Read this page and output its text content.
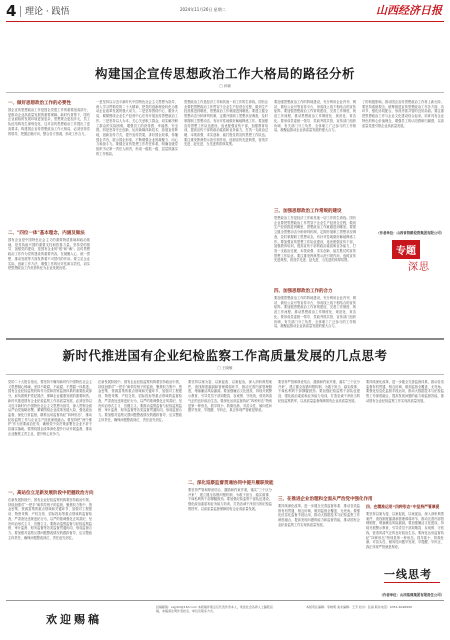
4 理论 · 践悟	2024年11月26日 星期二	山西经济日报
构建国企宣传思想政治工作大格局的路径分析
□ 孙颖
一、做好思想政治工作的必要性
国企宣传思想政治工作是国企党建工作的重要组成部分，是推动企业高质量发展的重要保障。新时代背景下，国有企业面临的发展环境更加复杂，思想观念更加多元，员工队伍结构发生深刻变化，这对宣传思想政治工作提出了更高要求。构建国企宣传思想政治工作大格局，必须坚持党的领导，把握正确方向，整合各方资源，形成工作合力。
二、"四位一体"基本理念，内涵及做法
国有企业是中国特色社会主义的重要物质基础和政治基础，是党执政兴国的重要支柱和依靠力量。坚持党的领导、加强党的建设，是国有企业的"根"和"魂"。宣传思想政治工作作为党的建设的重要内容，在凝聚人心、统一思想、推动发展等方面发挥着不可替代的作用。要立足企业实际，创新工作方法，增强工作的针对性和实效性，切实把思想政治工作优势转化为企业发展优势。
一是坚持以习近平新时代中国特色社会主义思想为指导，深入学习贯彻党的二十大精神，把党的创新理论转化为推动企业改革发展的强大动力。二是坚持围绕中心、服务大局，紧紧围绕企业生产经营中心任务开展宣传思想政治工作。三是坚持以人为本，关心关爱职工群众，切实解决职工群众的实际困难，增强员工的获得感、幸福感、安全感。四是坚持守正创新，运用新媒体新技术，拓展宣传阵地，创新宣传方式，提升宣传效果，讲好国企故事，传播国企声音，展示国企形象，不断增强企业的凝聚力、向心力和战斗力。要健全宣传思想工作责任体系，明确各级党组织书记第一责任人职责，形成一级抓一级、层层抓落实的工作格局。
思想政治工作是经济工作和其他一切工作的生命线。国有企业要把思想政治工作贯穿于企业生产经营全过程，做到生产经营推进到哪里，思想政治工作就跟进到哪里。要建立健全思想动态分析研判机制，定期开展职工思想状况调查，及时掌握职工思想动态，有针对性地做好解疑释惑工作。要加强宣传思想工作队伍建设，选优配强宣传干部，加强教育培训，提高宣传干部的政治素质和业务能力，打造一支政治过硬、本领高强、求实创新、能打胜仗的宣传思想工作队伍。要注重发挥典型示范引领作用，选树宣传先进典型，营造学先进、赶先进、当先进的浓厚氛围。
要加强思想政治工作的阵地建设，充分利用企业内刊、网站、微信公众号等宣传平台，形成线上线下相结合的宣传矩阵。要加强思想政治工作常规建设，完善工作制度，规范工作流程，推动思想政治工作制度化、规范化、常态化。要形成党委统一领导、党政齐抓共管、宣传部门组织协调、有关部门分工负责、全体职工广泛参与的工作格局，凝聚起推动企业高质量发展的强大合力。
三、加强思想政治工作常规的建设
四、加强思想政治工作的合力
要加强思想政治工作的阵地建设，充分利用企业内刊、网站、微信公众号等宣传平台，形成线上线下相结合的宣传矩阵。要加强思想政治工作常规建设，完善工作制度，规范工作流程，推动思想政治工作制度化、规范化、常态化。要形成党委统一领导、党政齐抓共管、宣传部门组织协调、有关部门分工负责、全体职工广泛参与的工作格局，凝聚起推动企业高质量发展的强大合力。
思想政治工作是经济工作和其他一切工作的生命线。国有企业要把思想政治工作贯穿于企业生产经营全过程，做到生产经营推进到哪里，思想政治工作就跟进到哪里。要建立健全思想动态分析研判机制，定期开展职工思想状况调查，及时掌握职工思想动态，有针对性地做好解疑释惑工作。要加强宣传思想工作队伍建设，选优配强宣传干部，加强教育培训，提高宣传干部的政治素质和业务能力，打造一支政治过硬、本领高强、求实创新、能打胜仗的宣传思想工作队伍。要注重发挥典型示范引领作用，选树宣传先进典型，营造学先进、赶先进、当先进的浓厚氛围。
了的积极影响，推动国企宣传思想政治工作再上新台阶。要坚持系统观念，统筹推进宣传思想政治工作各方面、各环节，强化协同配合，形成齐抓共管的良好局面。要注重把思想政治工作与企业文化建设结合起来，培育具有企业特色的核心价值理念，增强员工的认同感和归属感，以高质量党建引领企业高质量发展。
（作者单位：山西省铁路投资集团有限公司）
专题
深思
新时代推进国有企业纪检监察工作高质量发展的几点思考
□ 王晓敏
党的二十大报告指出，要坚持不懈用新时代中国特色社会主义思想凝心铸魂，坚持不敢腐、不能腐、不想腐一体推进。国有企业纪检监察机构作为党和国家监督体系的重要组成部分，肩负着维护党纪国法、保障企业健康发展的重要职责。新时代推进国有企业纪检监察工作高质量发展，必须坚持以习近平新时代中国特色社会主义思想为指导，深入贯彻全面从严治党战略部署，紧紧围绕企业改革发展大局，强化政治监督，深化日常监督，精准运用监督执纪“四种形态”，推动纪检监察工作与企业生产经营深度融合。要坚持把“两个维护”作为首要政治任务，确保党中央决策部署在企业不折不扣落实落地。要围绕国企改革深化提升行动开展监督，推动企业聚焦主责主业，提升核心竞争力。
一、高站位立足新发展阶段中把握政治方向
在新发展阶段中，国有企业纪检监察机构要坚持政治引领，持续加强对“一把手”和领导班子的监督，聚焦权力集中、资金密集、资源富集的重点领域和关键环节，加强对工程建设、物资采购、产权交易、招标投标等重点领域的监督检查，严肃查处违规违纪行为，以严的基调强化正风肃纪，坚决纠治形式主义、官僚主义。要推动巡察监督与纪检监察监督、审计监督、财务监督等各类监督贯通协同，形成监督合力。要加强对巡察反馈问题整改情况的跟踪督导，压实整改主体责任，确保问题整改到位、责任追究到位。
在新发展阶段中，国有企业纪检监察机构要坚持政治引领，持续加强对“一把手”和领导班子的监督，聚焦权力集中、资金密集、资源富集的重点领域和关键环节，加强对工程建设、物资采购、产权交易、招标投标等重点领域的监督检查，严肃查处违规违纪行为，以严的基调强化正风肃纪，坚决纠治形式主义、官僚主义。要推动巡察监督与纪检监察监督、审计监督、财务监督等各类监督贯通协同，形成监督合力。要加强对巡察反馈问题整改情况的跟踪督导，压实整改主体责任，确保问题整改到位、责任追究到位。
要坚持以案为鉴、以案促改、以案促治，深入剖析典型案件，查找制度漏洞和管理薄弱环节，推动完善内部管理制度，堵塞廉洁风险漏洞。要加强廉洁文化建设，持续开展警示教育，引导党员干部知敬畏、存戒惧、守底线，营造风清气正的良好政治生态。要深化运用监督执纪“四种形态”特别是第一种形态，抓早抓小、防微杜渐，对苗头性、倾向性问题早发现、早提醒、早纠正，真正体现严管就是厚爱。
二、深化巡察监督贯通协同中提升履职效能
要坚持严管和厚爱结合、激励和约束并重，落实“三个区分开来”，建立健全容错纠错机制，为敢于担当、踏实做事、不谋私利的干部撑腰鼓劲。要加强纪检监察干部队伍建设，强化政治素质和业务能力培训，打造忠诚干净担当的纪检监察铁军，以高质量监督保障国有企业高质量发展。
要坚持严管和厚爱结合、激励和约束并重，落实“三个区分开来”，建立健全容错纠错机制，为敢于担当、踏实做事、不谋私利的干部撑腰鼓劲。要加强纪检监察干部队伍建设，强化政治素质和业务能力培训，打造忠诚干净担当的纪检监察铁军，以高质量监督保障国有企业高质量发展。
三、在推进企业治理和全面从严治党中强化作用
要持续深化改革，进一步健全完善监督体系，推动各类监督有机贯通、相互协调，做到监督全覆盖、无死角。要强化信息化监督手段运用，推动大数据技术与纪检监察工作深度融合，提高发现问题的能力和监督效能，推动国有企业纪检监察工作实现高质量发展。
要持续深化改革，进一步健全完善监督体系，推动各类监督有机贯通、相互协调，做到监督全覆盖、无死角。要强化信息化监督手段运用，推动大数据技术与纪检监察工作深度融合，提高发现问题的能力和监督效能，推动国有企业纪检监察工作实现高质量发展。
四、在精准运用“四种形态”中坚持严管厚爱
要坚持以案为鉴、以案促改、以案促治，深入剖析典型案件，查找制度漏洞和管理薄弱环节，推动完善内部管理制度，堵塞廉洁风险漏洞。要加强廉洁文化建设，持续开展警示教育，引导党员干部知敬畏、存戒惧、守底线，营造风清气正的良好政治生态。要深化运用监督执纪“四种形态”特别是第一种形态，抓早抓小、防微杜渐，对苗头性、倾向性问题早发现、早提醒、早纠正，真正体现严管就是厚爱。
（作者单位：山西焦煤集团有限责任公司）
一线思考
欢迎赐稿
投稿邮箱：sxjjrbll@163.com 本版稿件观点仅代表作者本人，欢迎社会各界人士踊跃投稿，来稿请注明作者姓名、单位及联系方式。
本版责任编辑：李晓明 美术编辑：王芳 校对：张丽 联系电话：0351-4048999
